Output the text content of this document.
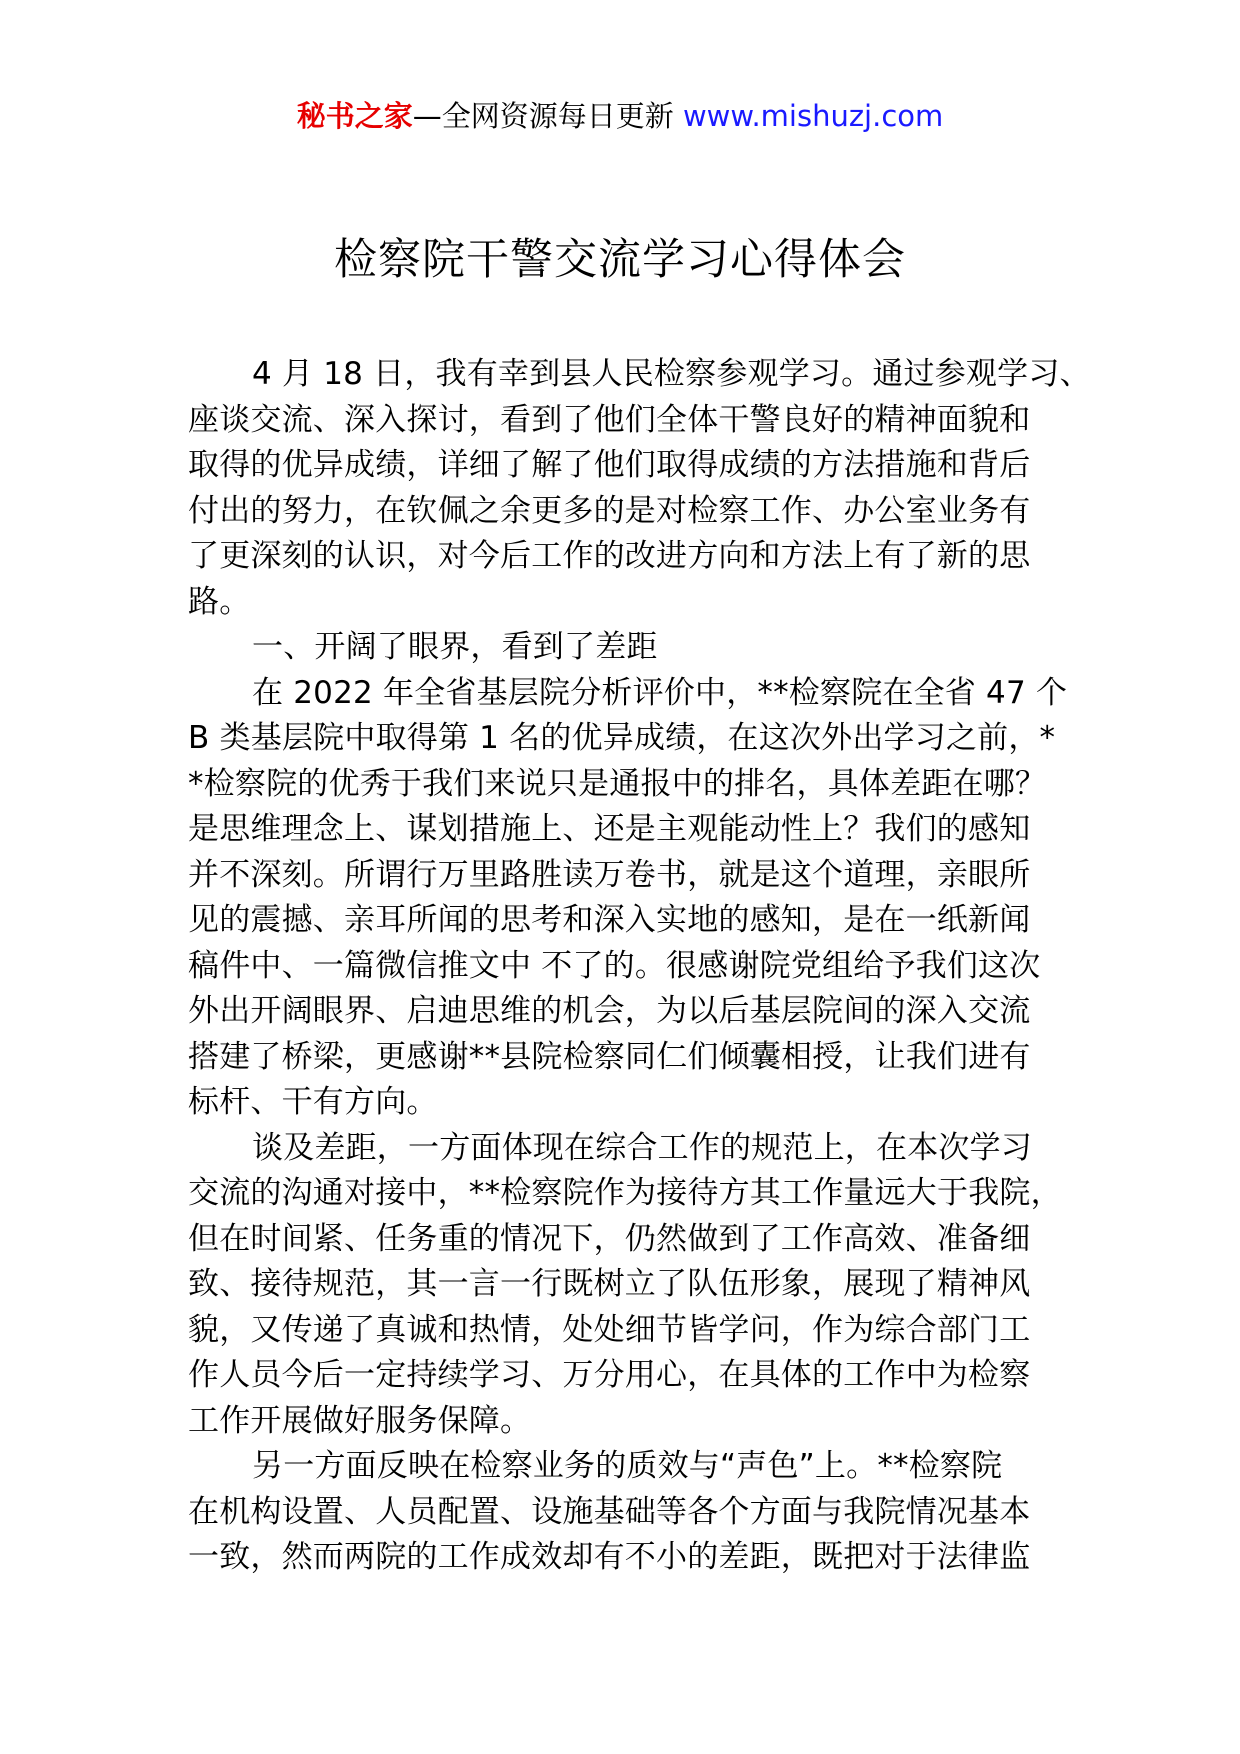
秘书之家—全网资源每日更新 www.mishuzj.com
检察院干警交流学习心得体会
4 月 18 日，我有幸到县人民检察参观学习。通过参观学习、
座谈交流、深入探讨，看到了他们全体干警良好的精神面貌和
取得的优异成绩，详细了解了他们取得成绩的方法措施和背后
付出的努力，在钦佩之余更多的是对检察工作、办公室业务有
了更深刻的认识，对今后工作的改进方向和方法上有了新的思
路。
一、开阔了眼界，看到了差距
在 2022 年全省基层院分析评价中，**检察院在全省 47 个
B 类基层院中取得第 1 名的优异成绩，在这次外出学习之前，*
*检察院的优秀于我们来说只是通报中的排名，具体差距在哪？
是思维理念上、谋划措施上、还是主观能动性上？我们的感知
并不深刻。所谓行万里路胜读万卷书，就是这个道理，亲眼所
见的震撼、亲耳所闻的思考和深入实地的感知，是在一纸新闻
稿件中、一篇微信推文中 不了的。很感谢院党组给予我们这次
外出开阔眼界、启迪思维的机会，为以后基层院间的深入交流
搭建了桥梁，更感谢**县院检察同仁们倾囊相授，让我们进有
标杆、干有方向。
谈及差距，一方面体现在综合工作的规范上，在本次学习
交流的沟通对接中，**检察院作为接待方其工作量远大于我院，
但在时间紧、任务重的情况下，仍然做到了工作高效、准备细
致、接待规范，其一言一行既树立了队伍形象，展现了精神风
貌，又传递了真诚和热情，处处细节皆学问，作为综合部门工
作人员今后一定持续学习、万分用心，在具体的工作中为检察
工作开展做好服务保障。
另一方面反映在检察业务的质效与“声色”上。**检察院
在机构设置、人员配置、设施基础等各个方面与我院情况基本
一致，然而两院的工作成效却有不小的差距，既把对于法律监
